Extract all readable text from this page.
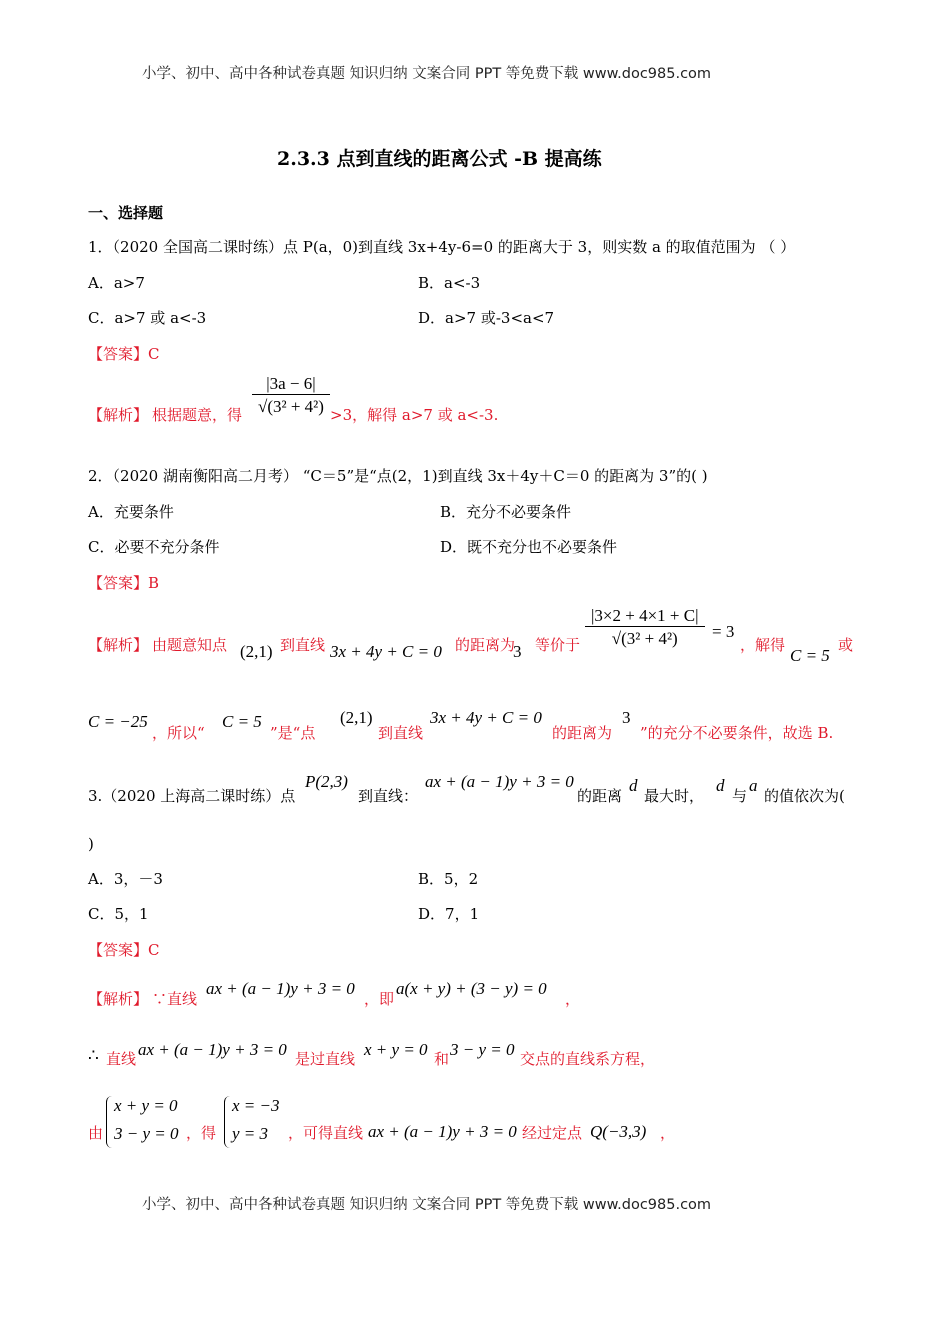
小学、初中、高中各种试卷真题 知识归纳 文案合同 PPT 等免费下载 www.doc985.com
小学、初中、高中各种试卷真题 知识归纳 文案合同 PPT 等免费下载 www.doc985.com
2.3.3 点到直线的距离公式 -B 提高练
一、选择题
1．（2020 全国高二课时练）点 P(a，0)到直线 3x+4y-6=0 的距离大于 3，则实数 a 的取值范围为 （ ）
A．a>7	B．a<-3
C．a>7 或 a<-3	D．a>7 或-3<a<7
【答案】C
【解析】 根据题意，得 $\frac{|3a - 6|}{\text{√(3² + 4²)}} >3$，解得 a>7 或 a<-3.
2．（2020 湖南衡阳高二月考） “C＝5”是“点(2，1)到直线 3x＋4y＋C＝0 的距离为 3”的( )
A．充要条件	B．充分不必要条件
C．必要不充分条件	D．既不充分也不必要条件
【答案】B
【解析】 由题意知点 (2,1) 到直线 3x + 4y + C = 0 的距离为
3 等价于 $\frac{|3\times 2 + 4\times 1 + C|}{\text{√(3² + 4²)}} = 3$
，解得
C = 5
或
C = −25
，所以“
C = 5
”是“点
(2,1)
到直线
3x + 4y + C = 0
的距离为
3
”的充分不必要条件，故选 B.
3.（2020 上海高二课时练）点
P(2,3)
到直线：
ax + (a − 1)y + 3 = 0
的距离
d
最大时，
d
与
a
的值依次为(
)
A．3，－3	B．5，2
C．5，1	D．7，1
【答案】C
【解析】 ∵直线
ax + (a − 1)y + 3 = 0
，即
a(x + y) + (3 − y) = 0
，
∴ 直线 ax + (a − 1)y + 3 = 0 是过直线 x + y = 0 和 3 − y = 0 交点的直线系方程，
由
x + y = 0
3 − y = 0 ，得
x = −3
y = 3 ，可得直线 ax + (a − 1)y + 3 = 0 经过定点 Q(−3,3) ，
